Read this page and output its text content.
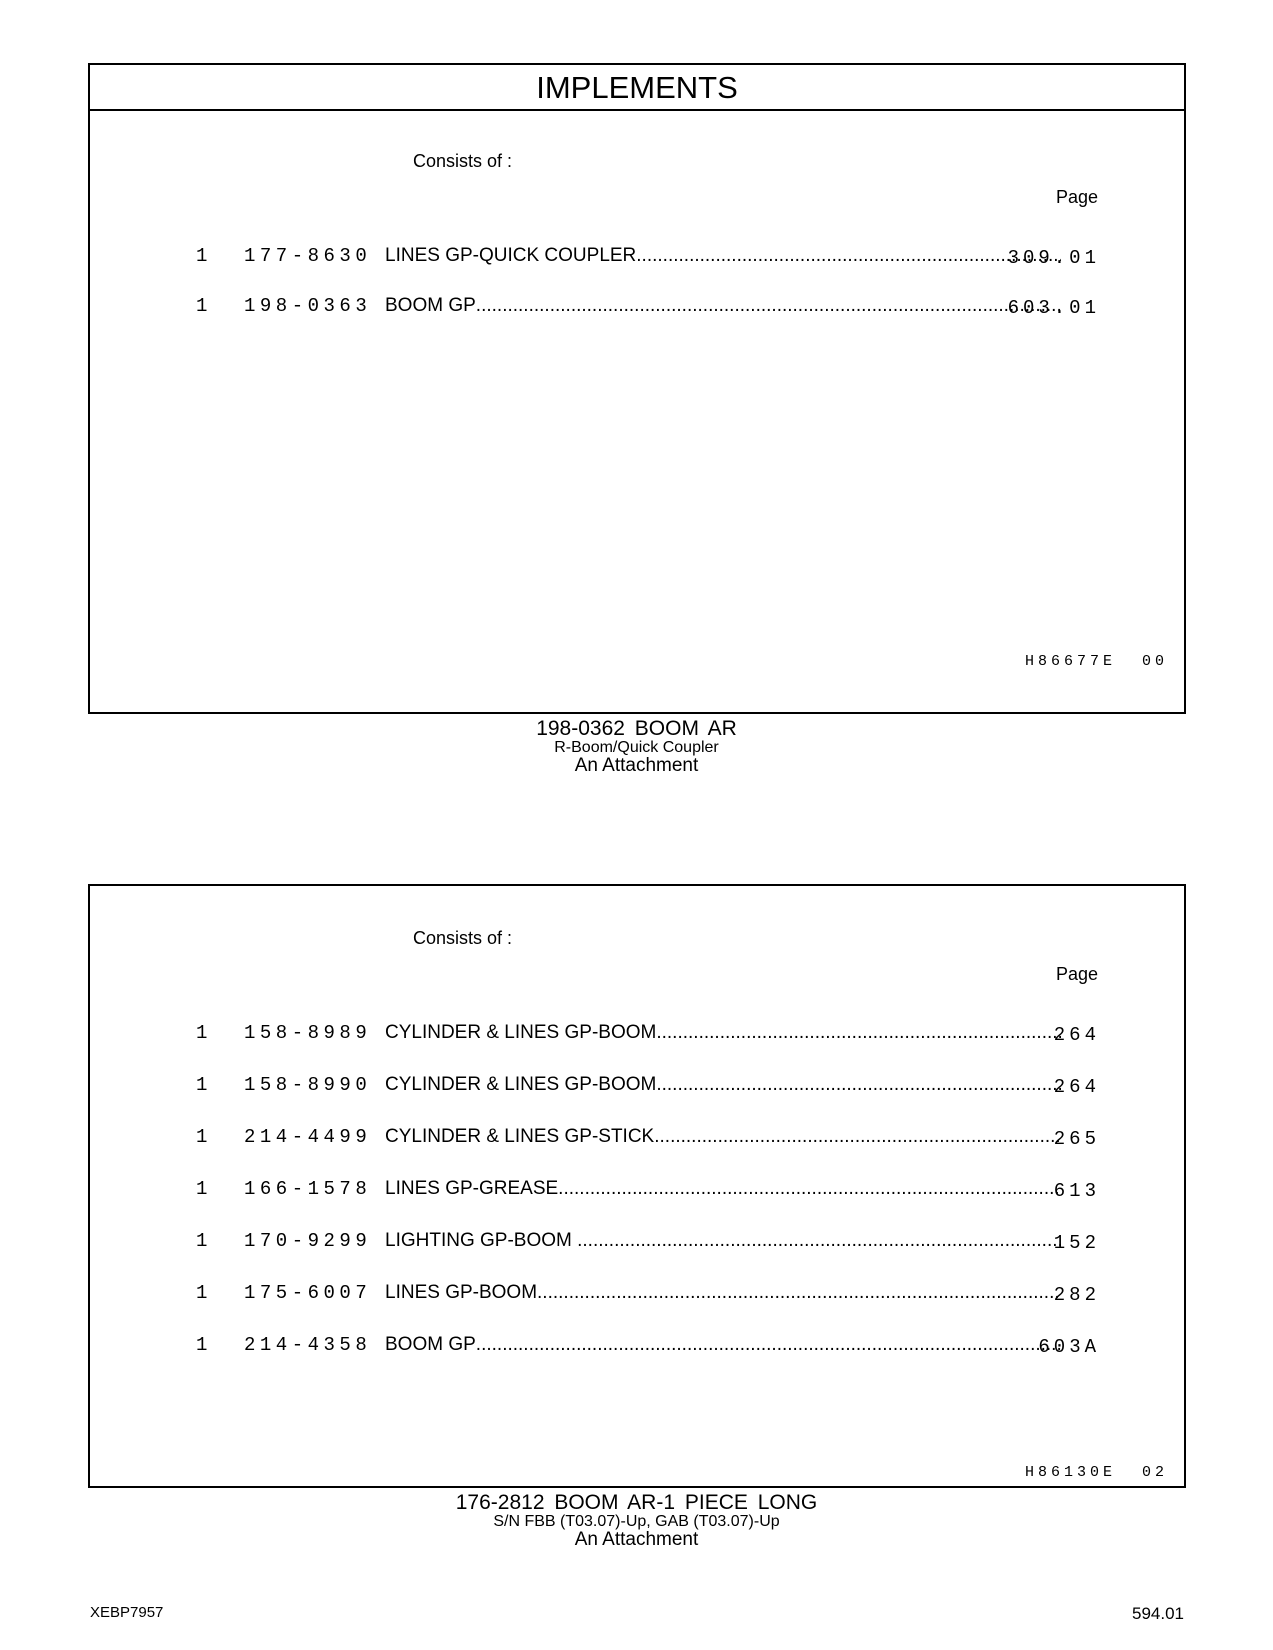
IMPLEMENTS
Consists of :
Page
1 177-8630 LINES GP-QUICK COUPLER .....	309.01
1 198-0363 BOOM GP .....	603.01
H86677E  00
198-0362 BOOM AR
R-Boom/Quick Coupler
An Attachment
Consists of :
Page
1 158-8989 CYLINDER & LINES GP-BOOM .....	264
1 158-8990 CYLINDER & LINES GP-BOOM .....	264
1 214-4499 CYLINDER & LINES GP-STICK .....	265
1 166-1578 LINES GP-GREASE .....	613
1 170-9299 LIGHTING GP-BOOM .....	152
1 175-6007 LINES GP-BOOM .....	282
1 214-4358 BOOM GP .....	603A
H86130E  02
176-2812 BOOM AR-1 PIECE LONG
S/N FBB (T03.07)-Up, GAB (T03.07)-Up
An Attachment
XEBP7957	594.01
